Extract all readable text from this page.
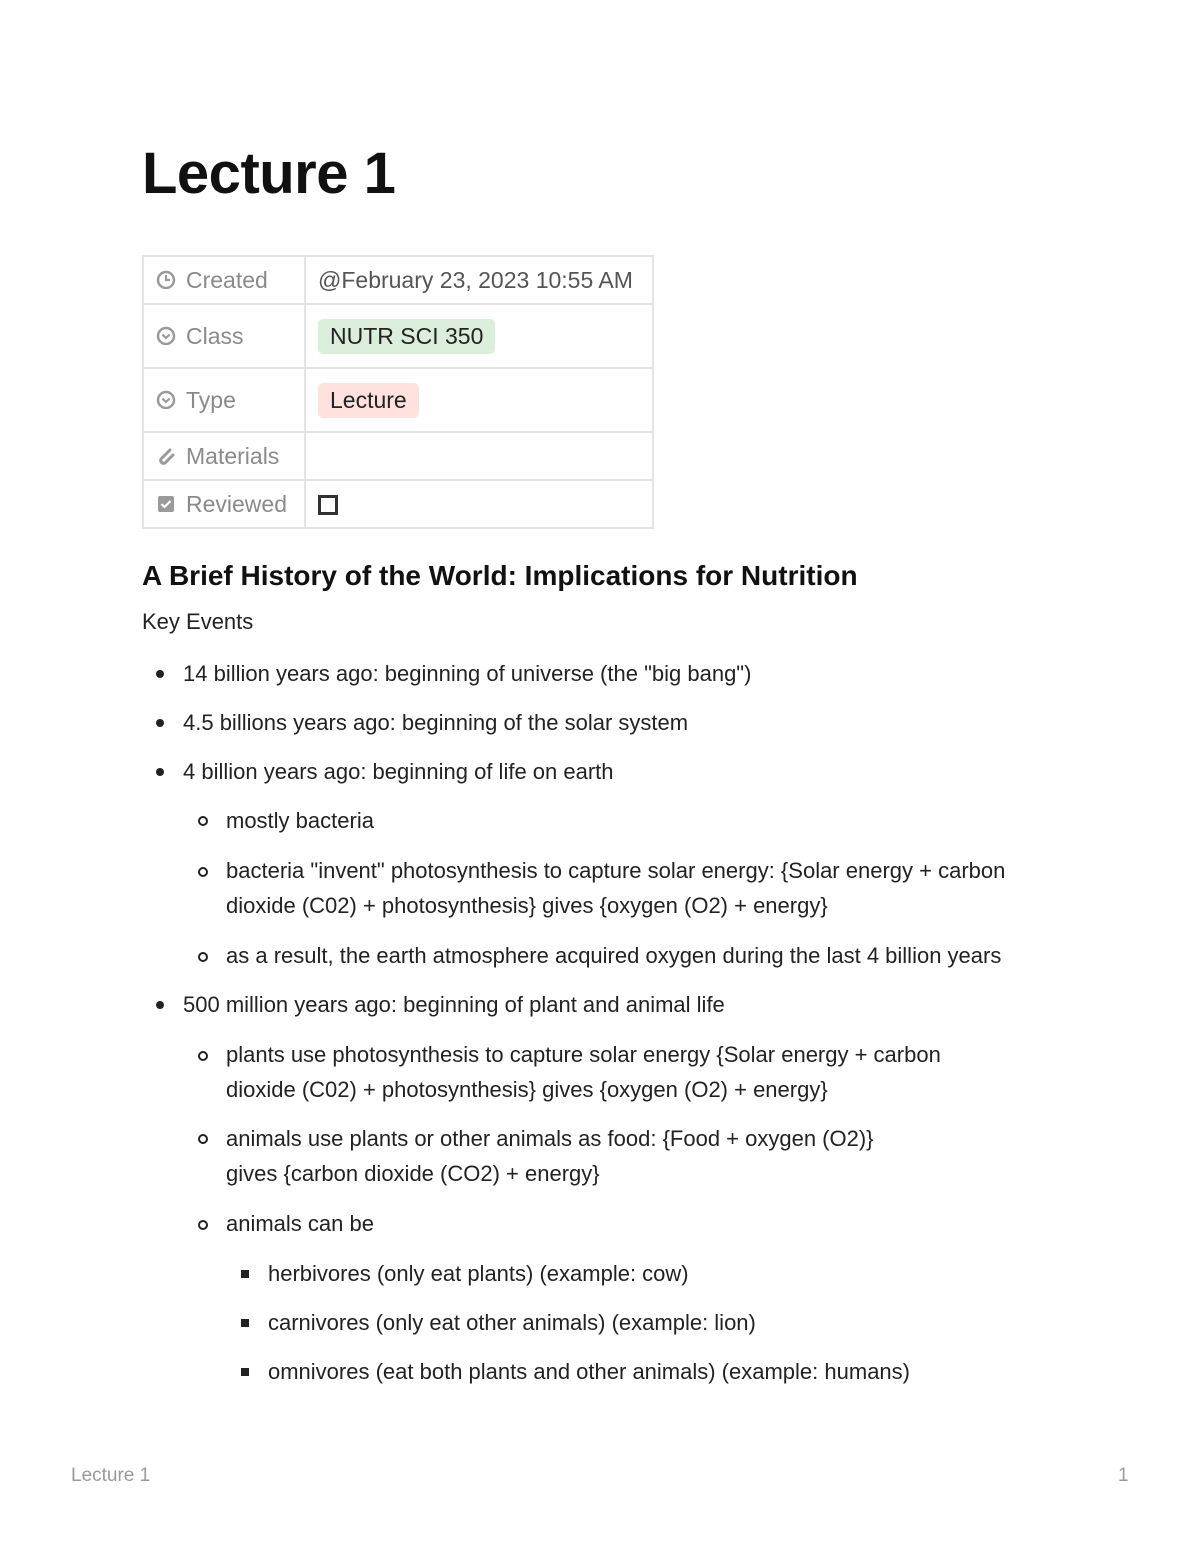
Lecture 1
Created	@February 23, 2023 10:55 AM

Class	NUTR SCI 350

Type	Lecture

Materials	

Reviewed	

A Brief History of the World: Implications for Nutrition

Key Events

14 billion years ago: beginning of universe (the "big bang")
4.5 billions years ago: beginning of the solar system
4 billion years ago: beginning of life on earth
mostly bacteria
bacteria "invent" photosynthesis to capture solar energy: {Solar energy + carbon
dioxide (C02) + photosynthesis} gives {oxygen (O2) + energy}
as a result, the earth atmosphere acquired oxygen during the last 4 billion years
500 million years ago: beginning of plant and animal life
plants use photosynthesis to capture solar energy {Solar energy + carbon
dioxide (C02) + photosynthesis} gives {oxygen (O2) + energy}
animals use plants or other animals as food: {Food + oxygen (O2)}
gives {carbon dioxide (CO2) + energy}
animals can be
herbivores (only eat plants) (example: cow)
carnivores (only eat other animals) (example: lion)
omnivores (eat both plants and other animals) (example: humans)
Lecture 1	1
